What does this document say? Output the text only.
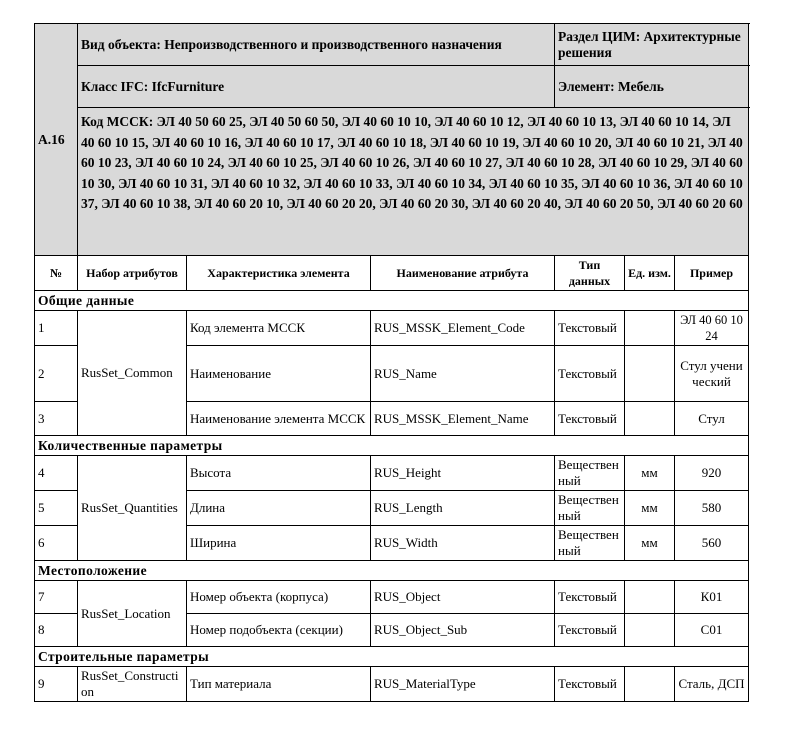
А.16	Вид объекта: Непроизводственного и производственного назначения			Раздел ЦИМ: Архитектурные решения		
	Класс IFC: IfcFurniture			Элемент: Мебель		
	Код МССК: ЭЛ 40 50 60 25, ЭЛ 40 50 60 50, ЭЛ 40 60 10 10, ЭЛ 40 60 10 12, ЭЛ 40 60 10 13, ЭЛ 40 60 10 14, ЭЛ 40 60 10 15, ЭЛ 40 60 10 16, ЭЛ 40 60 10 17, ЭЛ 40 60 10 18, ЭЛ 40 60 10 19, ЭЛ 40 60 10 20, ЭЛ 40 60 10 21, ЭЛ 40 60 10 23, ЭЛ 40 60 10 24, ЭЛ 40 60 10 25, ЭЛ 40 60 10 26, ЭЛ 40 60 10 27, ЭЛ 40 60 10 28, ЭЛ 40 60 10 29, ЭЛ 40 60 10 30, ЭЛ 40 60 10 31, ЭЛ 40 60 10 32, ЭЛ 40 60 10 33, ЭЛ 40 60 10 34, ЭЛ 40 60 10 35, ЭЛ 40 60 10 36, ЭЛ 40 60 10 37, ЭЛ 40 60 10 38, ЭЛ 40 60 20 10, ЭЛ 40 60 20 20, ЭЛ 40 60 20 30, ЭЛ 40 60 20 40, ЭЛ 40 60 20 50, ЭЛ 40 60 20 60					
№	Набор атрибутов	Характеристика элемента	Наименование атрибута	Тип данных	Ед. изм.	Пример
Общие данные						
1	RusSet_Common	Код элемента МССК	RUS_MSSK_Element_Code	Текстовый		ЭЛ 40 60 10 24
2		Наименование	RUS_Name	Текстовый		Стул ученический
3		Наименование элемента МССК	RUS_MSSK_Element_Name	Текстовый		Стул
Количественные параметры						
4	RusSet_Quantities	Высота	RUS_Height	Вещественный	мм	920
5		Длина	RUS_Length	Вещественный	мм	580
6		Ширина	RUS_Width	Вещественный	мм	560
Местоположение						
7	RusSet_Location	Номер объекта (корпуса)	RUS_Object	Текстовый		К01
8		Номер подобъекта (секции)	RUS_Object_Sub	Текстовый		С01
Строительные параметры						
9	RusSet_Construction	Тип материала	RUS_MaterialType	Текстовый		Сталь, ДСП
